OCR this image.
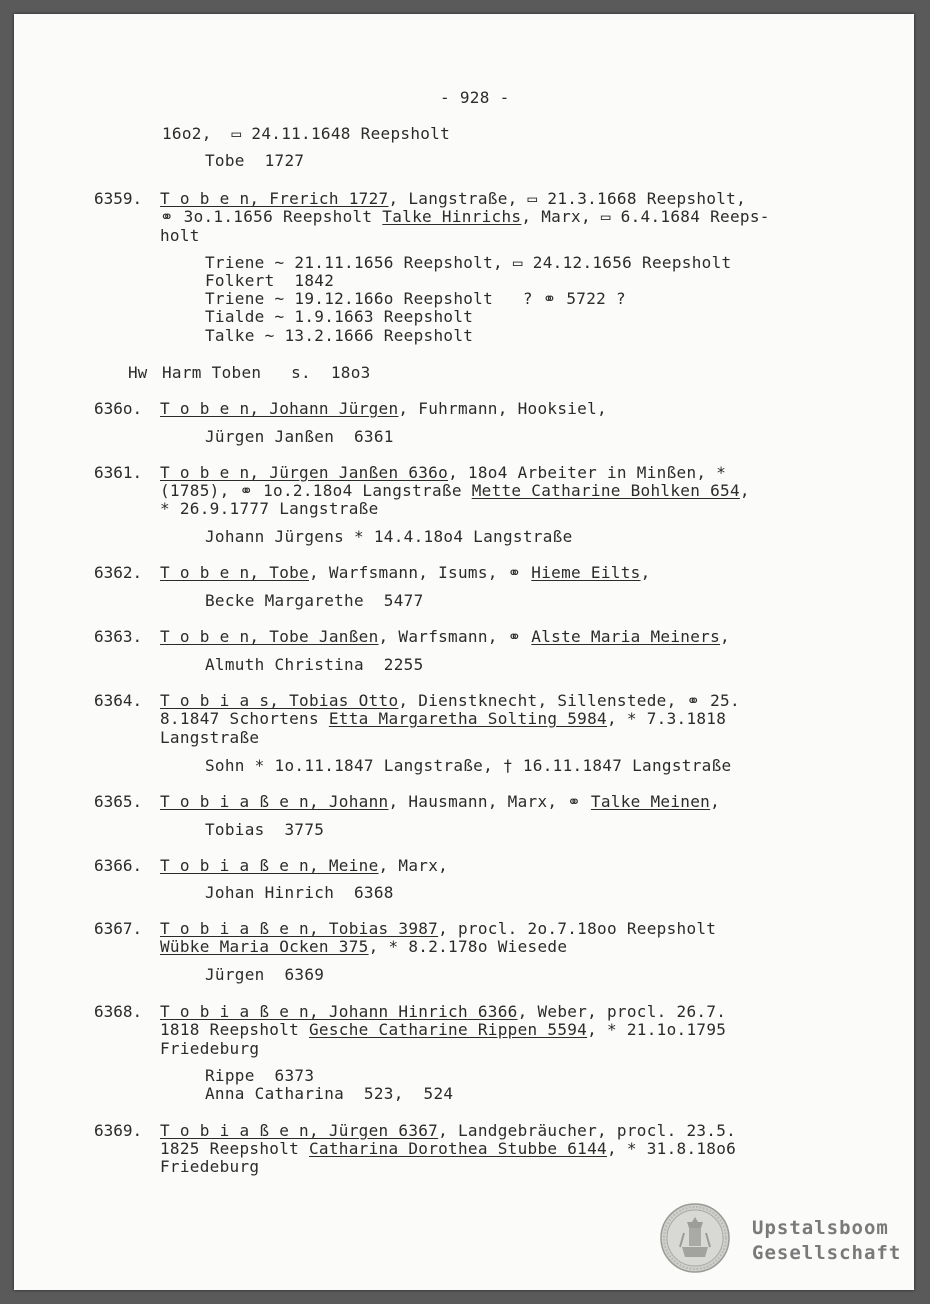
- 928 -
16o2,  ▭ 24.11.1648 Reepsholt
Tobe  1727
6359. T o b e n, Frerich 1727, Langstraße, ▭ 21.3.1668 Reepsholt,
⚭ 3o.1.1656 Reepsholt Talke Hinrichs, Marx, ▭ 6.4.1684 Reeps-
holt
Triene ~ 21.11.1656 Reepsholt, ▭ 24.12.1656 Reepsholt
Folkert  1842
Triene ~ 19.12.166o Reepsholt   ? ⚭ 5722 ?
Tialde ~ 1.9.1663 Reepsholt
Talke ~ 13.2.1666 Reepsholt
Hw Harm Toben   s.  18o3
636o. T o b e n, Johann Jürgen, Fuhrmann, Hooksiel,
Jürgen Janßen  6361
6361. T o b e n, Jürgen Janßen 636o, 18o4 Arbeiter in Minßen, *
(1785), ⚭ 1o.2.18o4 Langstraße Mette Catharine Bohlken 654,
* 26.9.1777 Langstraße
Johann Jürgens * 14.4.18o4 Langstraße
6362. T o b e n, Tobe, Warfsmann, Isums, ⚭ Hieme Eilts,
Becke Margarethe  5477
6363. T o b e n, Tobe Janßen, Warfsmann, ⚭ Alste Maria Meiners,
Almuth Christina  2255
6364. T o b i a s, Tobias Otto, Dienstknecht, Sillenstede, ⚭ 25.
8.1847 Schortens Etta Margaretha Solting 5984, * 7.3.1818
Langstraße
Sohn * 1o.11.1847 Langstraße, † 16.11.1847 Langstraße
6365. T o b i a ß e n, Johann, Hausmann, Marx, ⚭ Talke Meinen,
Tobias  3775
6366. T o b i a ß e n, Meine, Marx,
Johan Hinrich  6368
6367. T o b i a ß e n, Tobias 3987, procl. 2o.7.18oo Reepsholt
Wübke Maria Ocken 375, * 8.2.178o Wiesede
Jürgen  6369
6368. T o b i a ß e n, Johann Hinrich 6366, Weber, procl. 26.7.
1818 Reepsholt Gesche Catharine Rippen 5594, * 21.1o.1795
Friedeburg
Rippe  6373
Anna Catharina  523,  524
6369. T o b i a ß e n, Jürgen 6367, Landgebräucher, procl. 23.5.
1825 Reepsholt Catharina Dorothea Stubbe 6144, * 31.8.18o6
Friedeburg
Upstalsboom
Gesellschaft
